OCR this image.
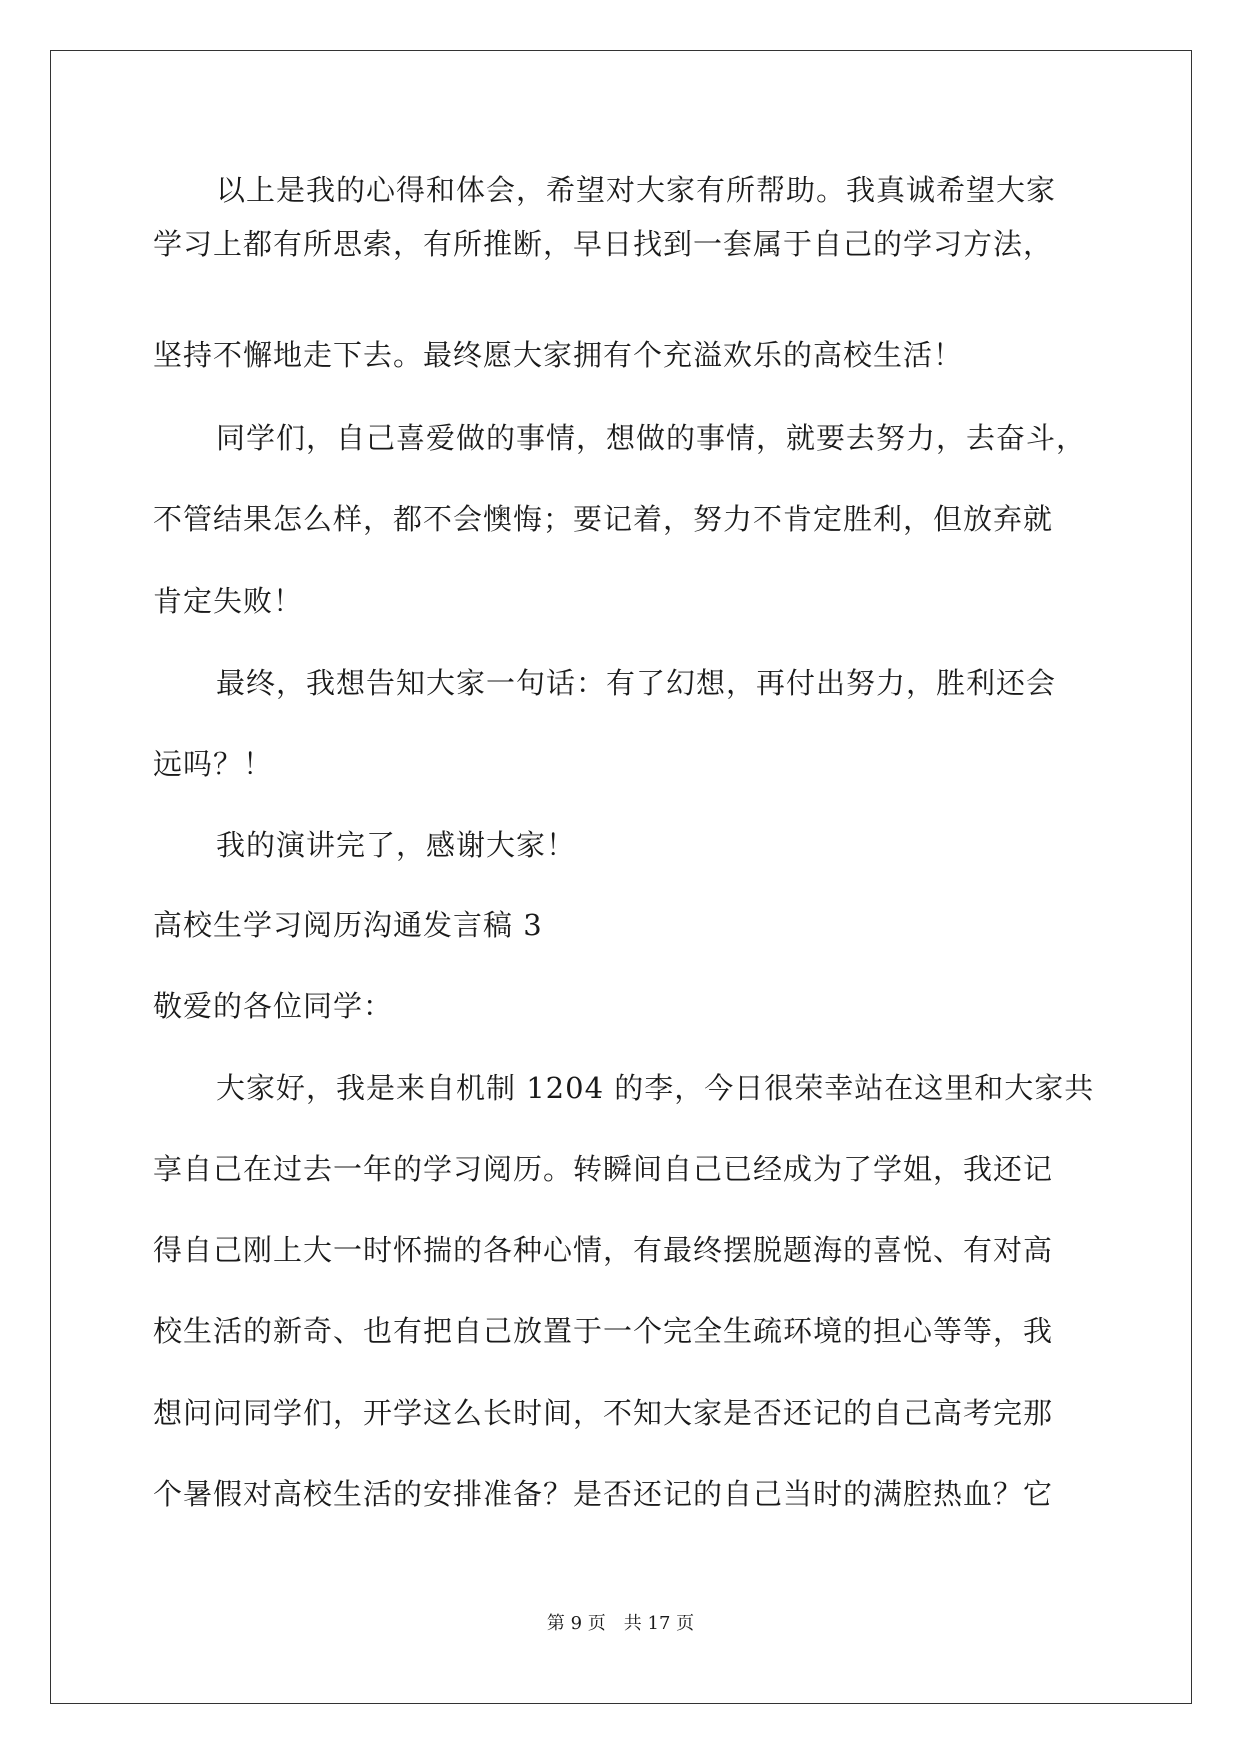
以上是我的心得和体会，希望对大家有所帮助。我真诚希望大家
学习上都有所思索，有所推断，早日找到一套属于自己的学习方法，
坚持不懈地走下去。最终愿大家拥有个充溢欢乐的高校生活！
同学们，自己喜爱做的事情，想做的事情，就要去努力，去奋斗，
不管结果怎么样，都不会懊悔；要记着，努力不肯定胜利，但放弃就
肯定失败！
最终，我想告知大家一句话：有了幻想，再付出努力，胜利还会
远吗？！
我的演讲完了，感谢大家！
高校生学习阅历沟通发言稿 3
敬爱的各位同学：
大家好，我是来自机制 1204 的李，今日很荣幸站在这里和大家共
享自己在过去一年的学习阅历。转瞬间自己已经成为了学姐，我还记
得自己刚上大一时怀揣的各种心情，有最终摆脱题海的喜悦、有对高
校生活的新奇、也有把自己放置于一个完全生疏环境的担心等等，我
想问问同学们，开学这么长时间，不知大家是否还记的自己高考完那
个暑假对高校生活的安排准备？是否还记的自己当时的满腔热血？它
第 9 页　共 17 页
